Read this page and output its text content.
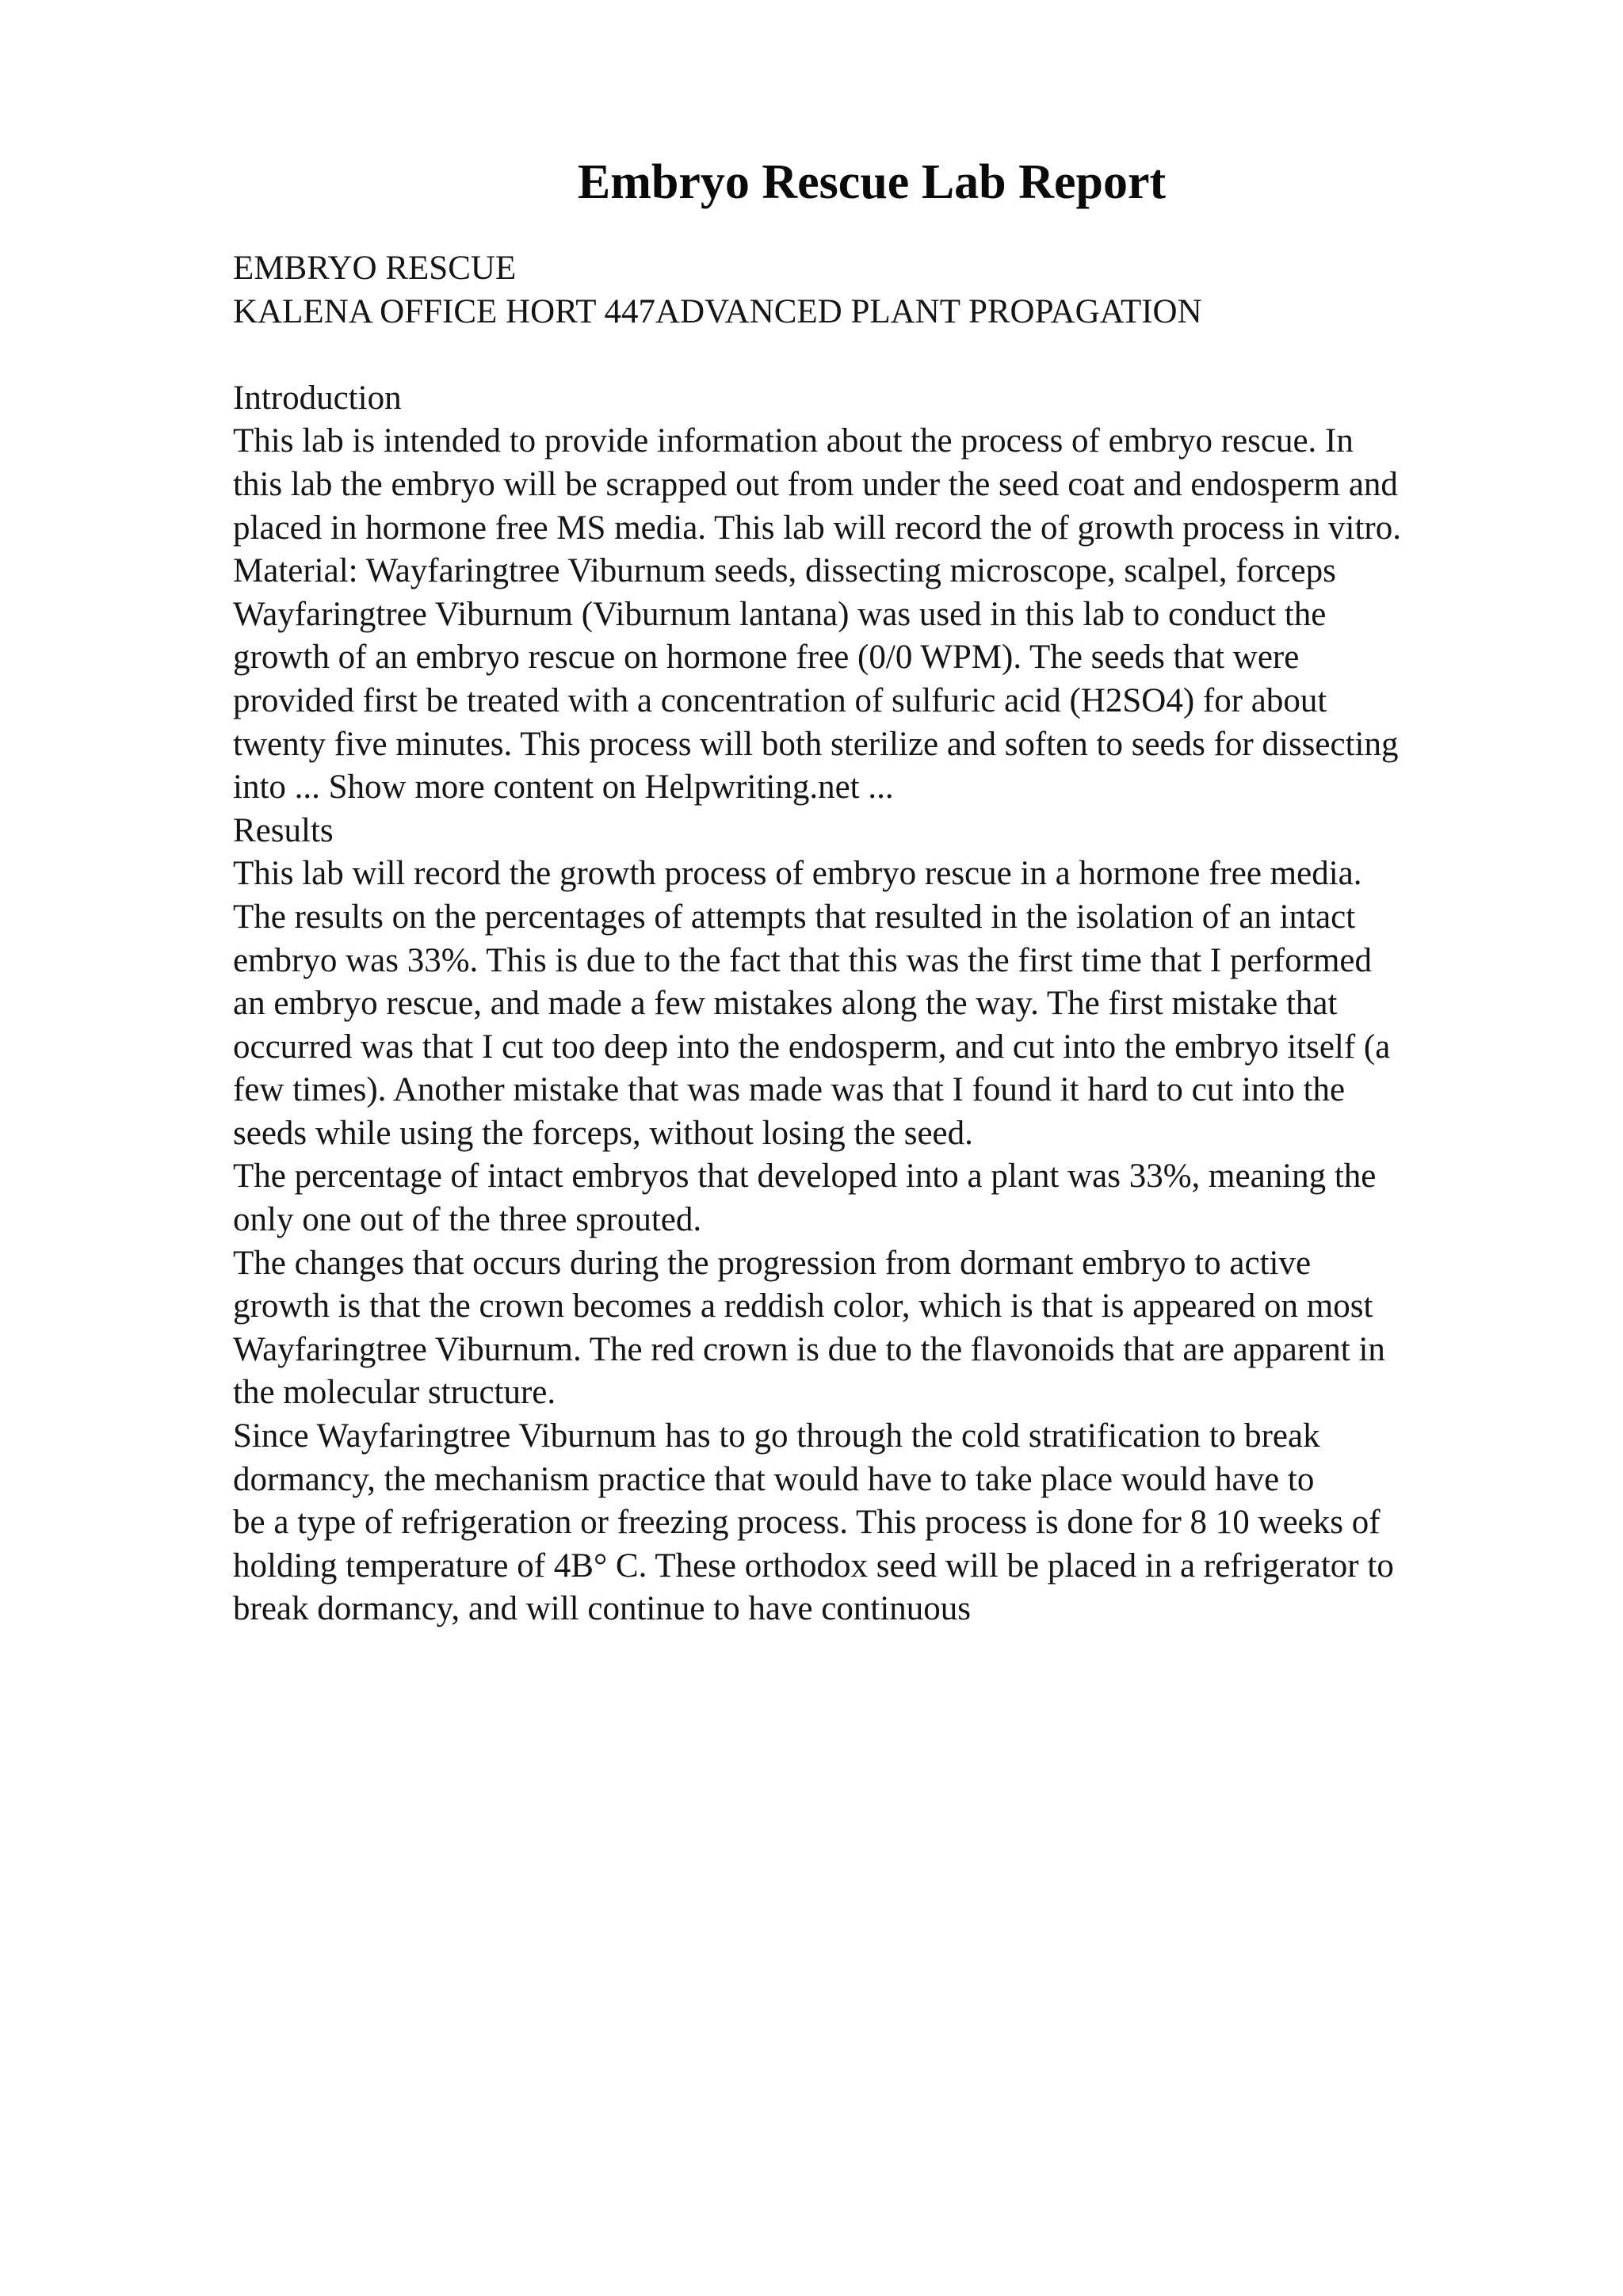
Embryo Rescue Lab Report
EMBRYO RESCUE
KALENA OFFICE HORT 447ADVANCED PLANT PROPAGATION
Introduction
This lab is intended to provide information about the process of embryo rescue. In
this lab the embryo will be scrapped out from under the seed coat and endosperm and
placed in hormone free MS media. This lab will record the of growth process in vitro.
Material: Wayfaringtree Viburnum seeds, dissecting microscope, scalpel, forceps
Wayfaringtree Viburnum (Viburnum lantana) was used in this lab to conduct the
growth of an embryo rescue on hormone free (0/0 WPM). The seeds that were
provided first be treated with a concentration of sulfuric acid (H2SO4) for about
twenty five minutes. This process will both sterilize and soften to seeds for dissecting
into ... Show more content on Helpwriting.net ...
Results
This lab will record the growth process of embryo rescue in a hormone free media.
The results on the percentages of attempts that resulted in the isolation of an intact
embryo was 33%. This is due to the fact that this was the first time that I performed
an embryo rescue, and made a few mistakes along the way. The first mistake that
occurred was that I cut too deep into the endosperm, and cut into the embryo itself (a
few times). Another mistake that was made was that I found it hard to cut into the
seeds while using the forceps, without losing the seed.
The percentage of intact embryos that developed into a plant was 33%, meaning the
only one out of the three sprouted.
The changes that occurs during the progression from dormant embryo to active
growth is that the crown becomes a reddish color, which is that is appeared on most
Wayfaringtree Viburnum. The red crown is due to the flavonoids that are apparent in
the molecular structure.
Since Wayfaringtree Viburnum has to go through the cold stratification to break
dormancy, the mechanism practice that would have to take place would have to
be a type of refrigeration or freezing process. This process is done for 8 10 weeks of
holding temperature of 4B° C. These orthodox seed will be placed in a refrigerator to
break dormancy, and will continue to have continuous
